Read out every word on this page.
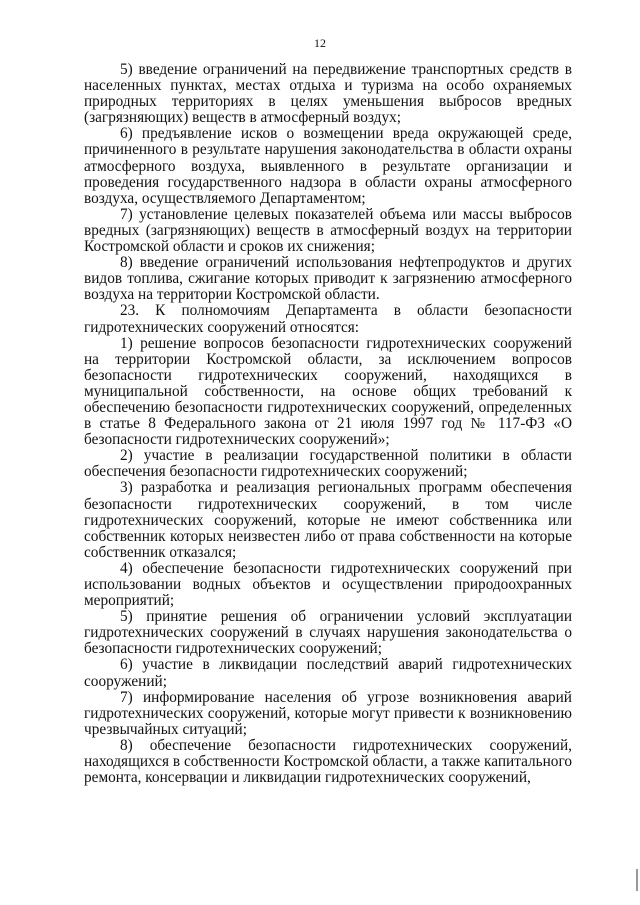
12

5) введение ограничений на передвижение транспортных средств в населенных пунктах, местах отдыха и туризма на особо охраняемых природных территориях в целях уменьшения выбросов вредных (загрязняющих) веществ в атмосферный воздух;

6) предъявление исков о возмещении вреда окружающей среде, причиненного в результате нарушения законодательства в области охраны атмосферного воздуха, выявленного в результате организации и проведения государственного надзора в области охраны атмосферного воздуха, осуществляемого Департаментом;

7) установление целевых показателей объема или массы выбросов вредных (загрязняющих) веществ в атмосферный воздух на территории Костромской области и сроков их снижения;

8) введение ограничений использования нефтепродуктов и других видов топлива, сжигание которых приводит к загрязнению атмосферного воздуха на территории Костромской области.

23. К полномочиям Департамента в области безопасности гидротехнических сооружений относятся:

1) решение вопросов безопасности гидротехнических сооружений на территории Костромской области, за исключением вопросов безопасности гидротехнических сооружений, находящихся в муниципальной собственности, на основе общих требований к обеспечению безопасности гидротехнических сооружений, определенных в статье 8 Федерального закона от 21 июля 1997 год № 117-ФЗ «О безопасности гидротехнических сооружений»;

2) участие в реализации государственной политики в области обеспечения безопасности гидротехнических сооружений;

3) разработка и реализация региональных программ обеспечения безопасности гидротехнических сооружений, в том числе гидротехнических сооружений, которые не имеют собственника или собственник которых неизвестен либо от права собственности на которые собственник отказался;

4) обеспечение безопасности гидротехнических сооружений при использовании водных объектов и осуществлении природоохранных мероприятий;

5) принятие решения об ограничении условий эксплуатации гидротехнических сооружений в случаях нарушения законодательства о безопасности гидротехнических сооружений;

6) участие в ликвидации последствий аварий гидротехнических сооружений;

7) информирование населения об угрозе возникновения аварий гидротехнических сооружений, которые могут привести к возникновению чрезвычайных ситуаций;

8) обеспечение безопасности гидротехнических сооружений, находящихся в собственности Костромской области, а также капитального ремонта, консервации и ликвидации гидротехнических сооружений,
